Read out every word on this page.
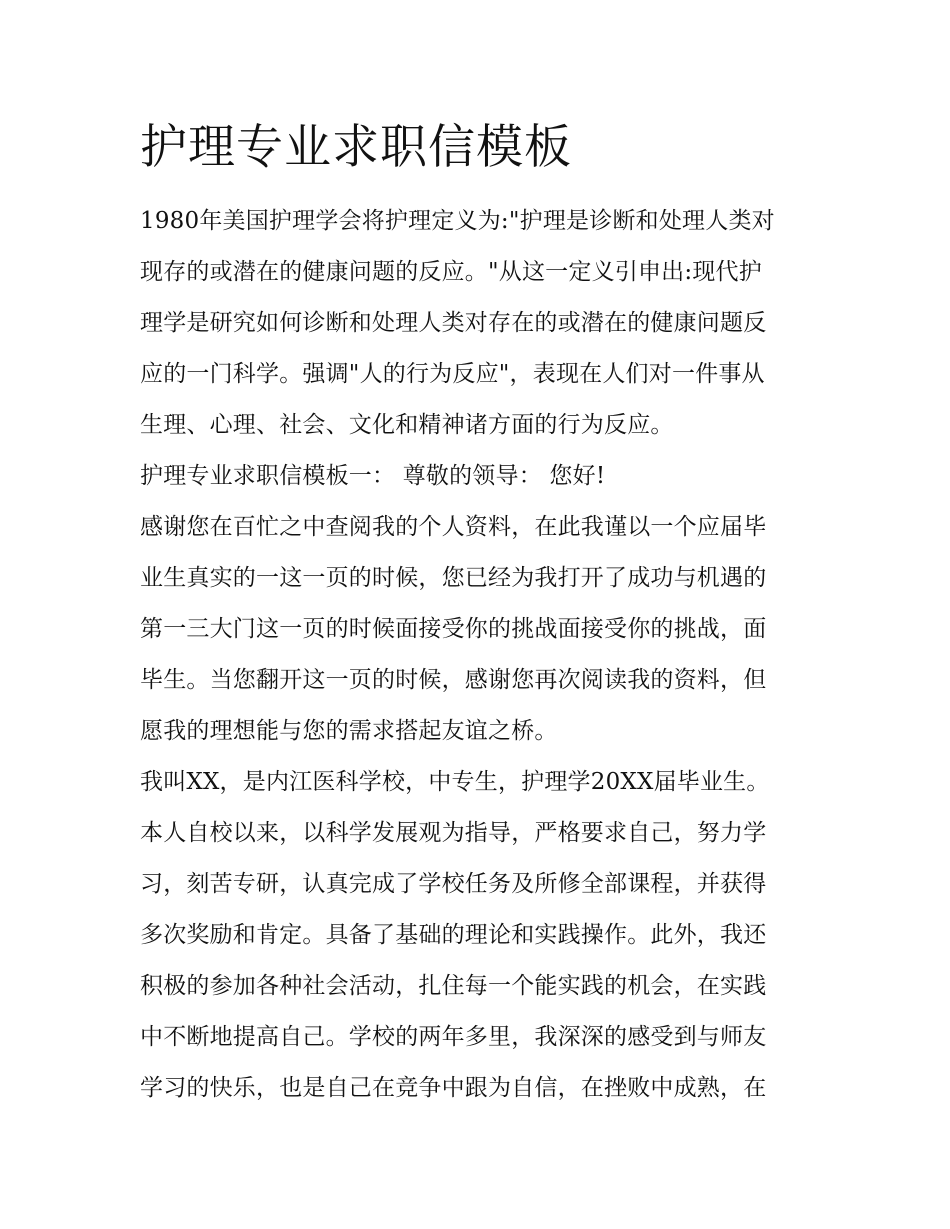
护理专业求职信模板

1980年美国护理学会将护理定义为:"护理是诊断和处理人类对

现存的或潜在的健康问题的反应。"从这一定义引申出:现代护

理学是研究如何诊断和处理人类对存在的或潜在的健康问题反

应的一门科学。强调"人的行为反应"，表现在人们对一件事从

生理、心理、社会、文化和精神诸方面的行为反应。

护理专业求职信模板一： 尊敬的领导： 您好!

感谢您在百忙之中查阅我的个人资料，在此我谨以一个应届毕

业生真实的一这一页的时候，您已经为我打开了成功与机遇的

第一三大门这一页的时候面接受你的挑战面接受你的挑战，面

毕生。当您翻开这一页的时候，感谢您再次阅读我的资料，但

愿我的理想能与您的需求搭起友谊之桥。

我叫XX，是内江医科学校，中专生，护理学20XX届毕业生。

本人自校以来，以科学发展观为指导，严格要求自己，努力学

习，刻苦专研，认真完成了学校任务及所修全部课程，并获得

多次奖励和肯定。具备了基础的理论和实践操作。此外，我还

积极的参加各种社会活动，扎住每一个能实践的机会，在实践

中不断地提高自己。学校的两年多里，我深深的感受到与师友

学习的快乐，也是自己在竞争中跟为自信，在挫败中成熟，在
